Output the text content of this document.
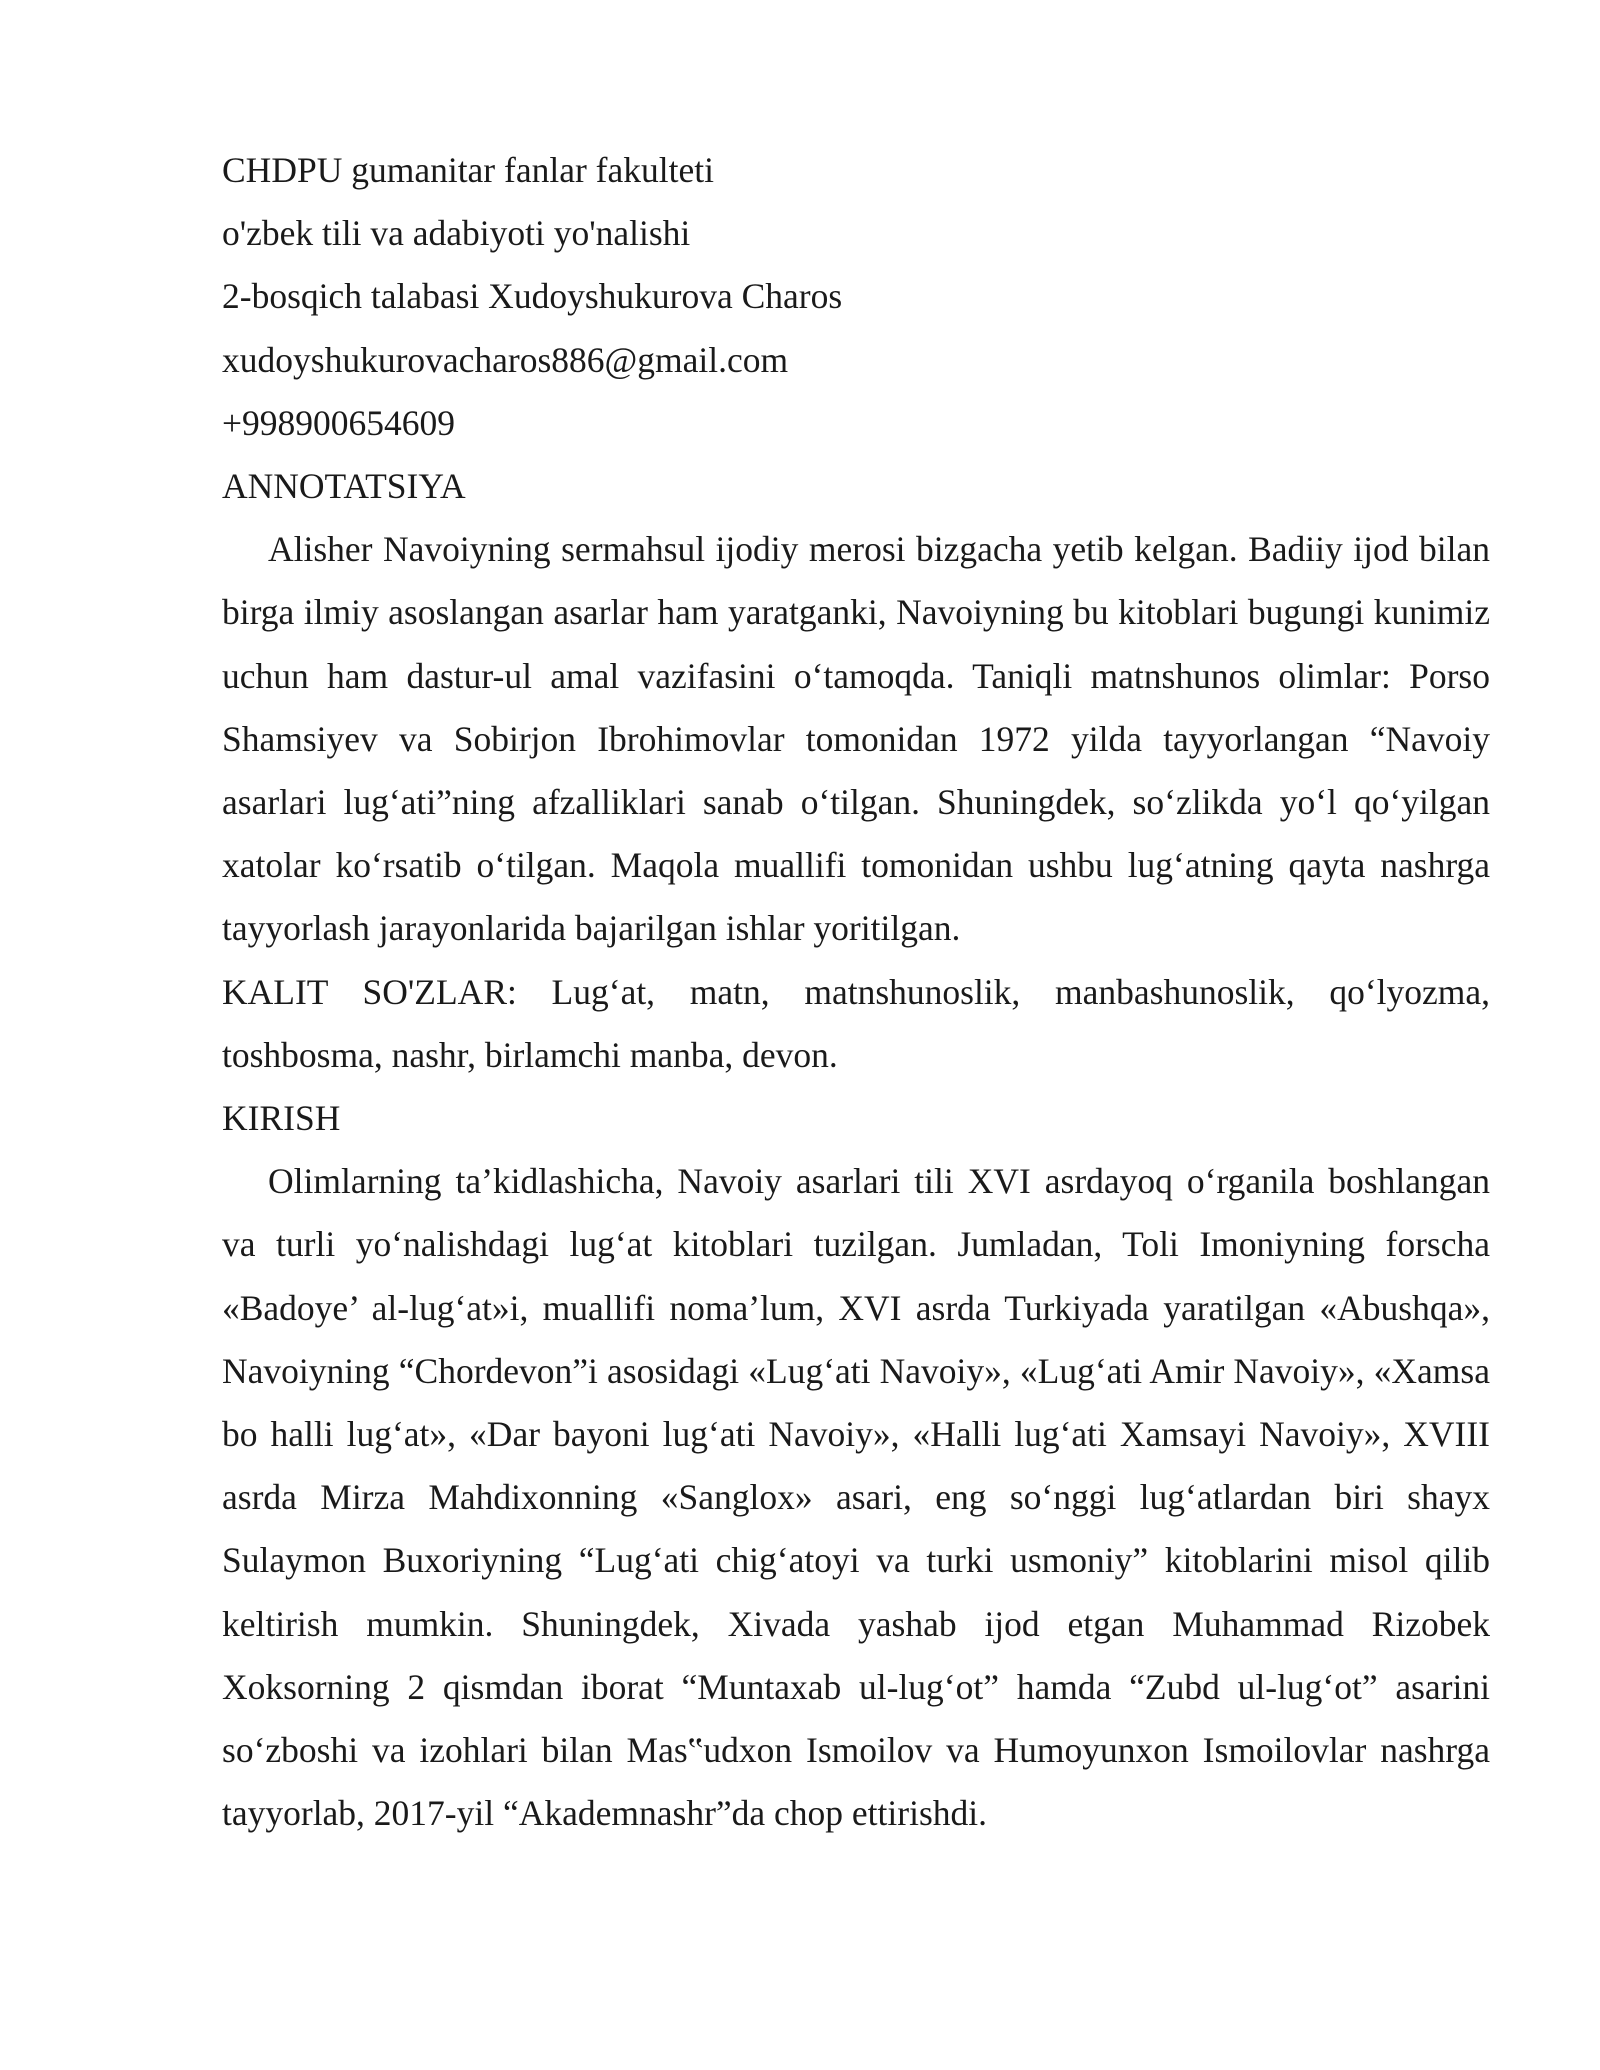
CHDPU gumanitar fanlar fakulteti

o'zbek tili va adabiyoti yo'nalishi

2-bosqich talabasi Xudoyshukurova Charos

xudoyshukurovacharos886@gmail.com

+998900654609

ANNOTATSIYA

Alisher Navoiyning sermahsul ijodiy merosi bizgacha yetib kelgan. Badiiy ijod bilan birga ilmiy asoslangan asarlar ham yaratganki, Navoiyning bu kitoblari bugungi kunimiz uchun ham dastur-ul amal vazifasini o‘tamoqda. Taniqli matnshunos olimlar: Porso Shamsiyev va Sobirjon Ibrohimovlar tomonidan 1972 yilda tayyorlangan “Navoiy asarlari lug‘ati”ning afzalliklari sanab o‘tilgan. Shuningdek, so‘zlikda yo‘l qo‘yilgan xatolar ko‘rsatib o‘tilgan. Maqola muallifi tomonidan ushbu lug‘atning qayta nashrga tayyorlash jarayonlarida bajarilgan ishlar yoritilgan.

KALIT SO'ZLAR: Lug‘at, matn, matnshunoslik, manbashunoslik, qo‘lyozma, toshbosma, nashr, birlamchi manba, devon.

KIRISH

Olimlarning ta’kidlashicha, Navoiy asarlari tili XVI asrdayoq o‘rganila boshlangan va turli yo‘nalishdagi lug‘at kitoblari tuzilgan. Jumladan, Toli Imoniyning forscha «Badoye’ al-lug‘at»i, muallifi noma’lum, XVI asrda Turkiyada yaratilgan «Abushqa», Navoiyning “Chordevon”i asosidagi «Lug‘ati Navoiy», «Lug‘ati Amir Navoiy», «Xamsa bo halli lug‘at», «Dar bayoni lug‘ati Navoiy», «Halli lug‘ati Xamsayi Navoiy», XVIII asrda Mirza Mahdixonning «Sanglox» asari, eng so‘nggi lug‘atlardan biri shayx Sulaymon Buxoriyning “Lug‘ati chig‘atoyi va turki usmoniy” kitoblarini misol qilib keltirish mumkin. Shuningdek, Xivada yashab ijod etgan Muhammad Rizobek Xoksorning 2 qismdan iborat “Muntaxab ul-lug‘ot” hamda “Zubd ul-lug‘ot” asarini so‘zboshi va izohlari bilan Mas‟udxon Ismoilov va Humoyunxon Ismoilovlar nashrga tayyorlab, 2017-yil “Akademnashr”da chop ettirishdi.
